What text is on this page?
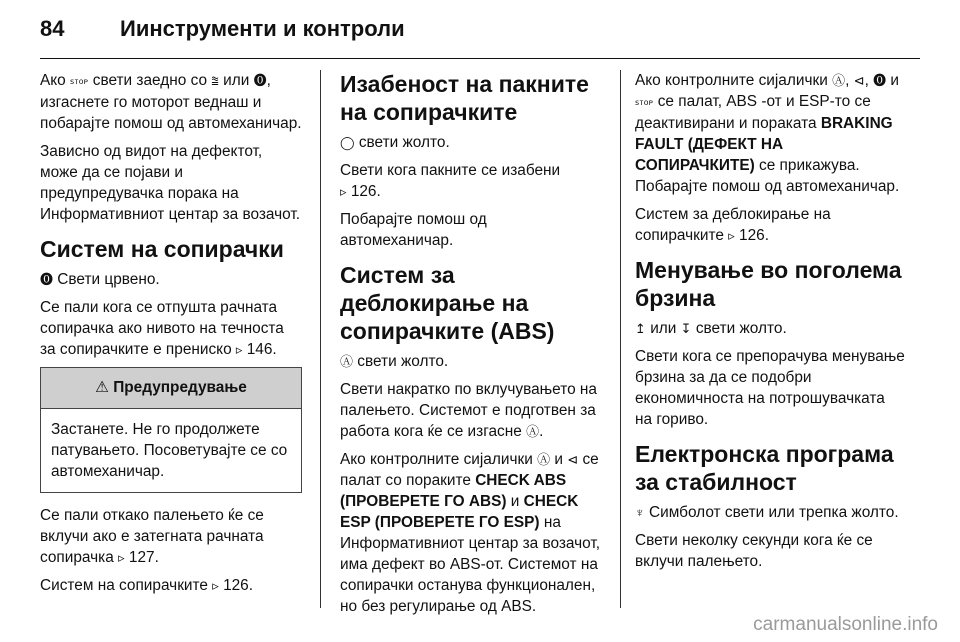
84	Иинструменти и контроли

Ако ꜱᴛᴏᴘ свети заедно со ⩰ или ⓿, изгаснете го моторот веднаш и побарајте помош од автомеханичар.

Зависно од видот на дефектот, може да се појави и предупредувачка порака на Информативниот центар за возачот.

Систем на сопирачки

⓿ Свети црвено.

Се пали кога се отпушта рачната сопирачка ако нивото на течноста за сопирачките е прениско ▹ 146.

⚠ Предупредување
Застанете. Не го продолжете патувањето. Посоветувајте се со автомеханичар.

Се пали откако палењето ќе се вклучи ако е затегната рачната сопирачка ▹ 127.

Систем на сопирачките ▹ 126.

Изабеност на пакните на сопирачките

◯ свети жолто.

Свети кога пакните се изабени
▹ 126.

Побарајте помош од автомеханичар.

Систем за деблокирање на сопирачките (ABS)

Ⓐ свети жолто.

Свети накратко по вклучувањето на палењето. Системот е подготвен за работа кога ќе се изгасне Ⓐ.

Ако контролните сијалички Ⓐ и ⊲ се палат со пораките CHECK ABS (ПРОВЕРЕТЕ ГО ABS) и CHECK ESP (ПРОВЕРЕТЕ ГО ESP) на Информативниот центар за возачот, има дефект во ABS-от. Системот на сопирачки останува функционален, но без регулирање од ABS.

Ако контролните сијалички Ⓐ, ⊲, ⓿ и ꜱᴛᴏᴘ се палат, ABS -от и ESP-то се деактивирани и пораката BRAKING FAULT (ДЕФЕКТ НА СОПИРАЧКИТЕ) се прикажува. Побарајте помош од автомеханичар.

Систем за деблокирање на сопирачките ▹ 126.

Менување во поголема брзина

↥ или ↧ свети жолто.

Свети кога се препорачува менување брзина за да се подобри економичноста на потрошувачката на гориво.

Електронска програма за стабилност

♆ Симболот свети или трепка жолто.

Свети неколку секунди кога ќе се вклучи палењето.

carmanualsonline.info
